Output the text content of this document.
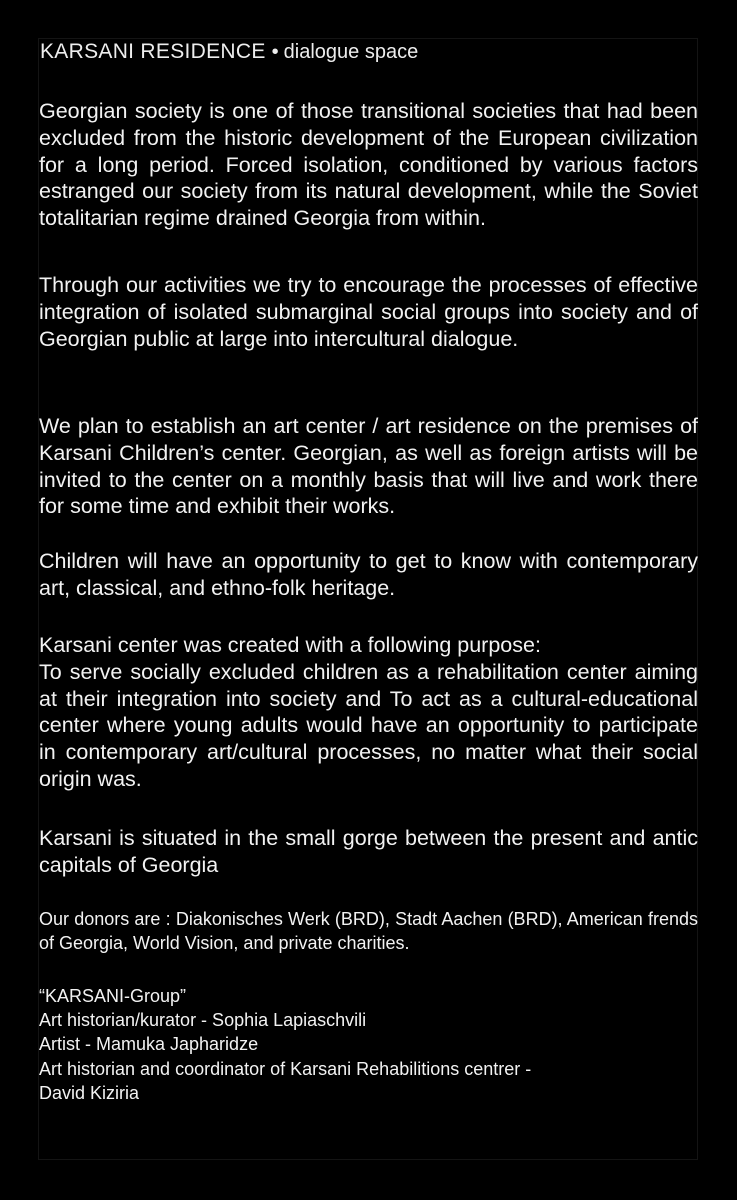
KARSANI RESIDENCE • dialogue space

Georgian society is one of those transitional societies that had been excluded from the historic development of the European civilization for a long period. Forced isolation, conditioned by various factors estranged our society from its natural development, while the Soviet totalitarian regime drained Georgia from within.

Through our activities we try to encourage the processes of effective integration of isolated submarginal social groups into society and of Georgian public at large into intercultural dialogue.

We plan to establish an art center / art residence on the premises of Karsani Children’s center. Georgian, as well as foreign artists will be invited to the center on a monthly basis that will live and work there for some time and exhibit their works.

Children will have an opportunity to get to know with contemporary art, classical, and ethno-folk heritage.

Karsani center was created with a following purpose:
To serve socially excluded children as a rehabilitation center aiming at their integration into society and To act as a cultural-educational center where young adults would have an opportunity to participate in contemporary art/cultural processes, no matter what their social origin was.

Karsani is situated in the small gorge between the present and antic capitals of Georgia

Our donors are : Diakonisches Werk (BRD), Stadt Aachen (BRD), American frends of Georgia, World Vision, and private charities.

“KARSANI-Group”
Art historian/kurator - Sophia Lapiaschvili
Artist - Mamuka Japharidze
Art historian and coordinator of Karsani Rehabilitions centrer -
David Kiziria
